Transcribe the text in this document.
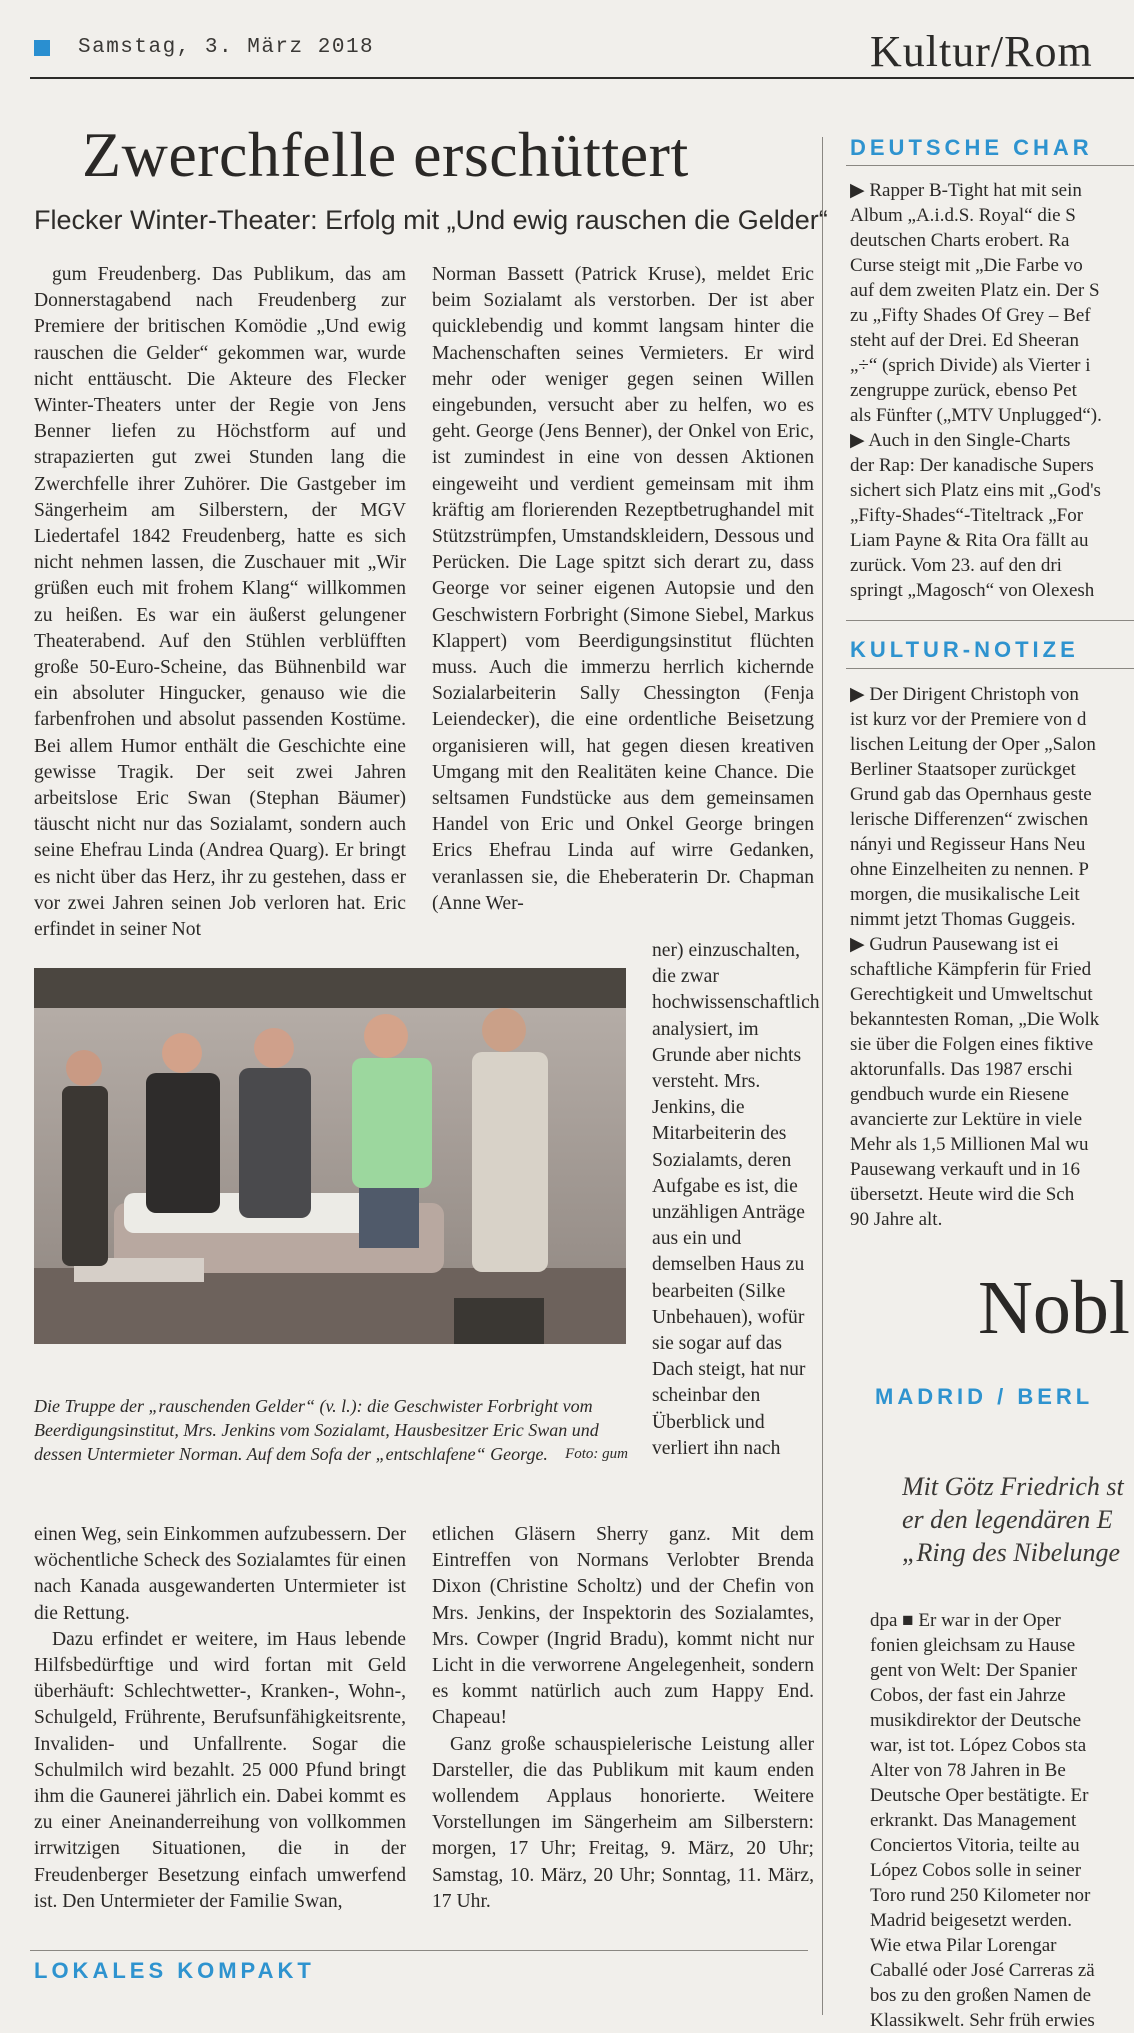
Samstag, 3. März 2018	Kultur/Rom
Zwerchfelle erschüttert
Flecker Winter-Theater: Erfolg mit „Und ewig rauschen die Gelder“

gum Freudenberg. Das Publikum, das am Donnerstagabend nach Freudenberg zur Premiere der britischen Komödie „Und ewig rauschen die Gelder“ gekommen war, wurde nicht enttäuscht. Die Akteure des Flecker Winter-Theaters unter der Regie von Jens Benner liefen zu Höchstform auf und strapazierten gut zwei Stunden lang die Zwerchfelle ihrer Zuhörer. Die Gastgeber im Sängerheim am Silberstern, der MGV Liedertafel 1842 Freudenberg, hatte es sich nicht nehmen lassen, die Zuschauer mit „Wir grüßen euch mit frohem Klang“ willkommen zu heißen. Es war ein äußerst gelungener Theaterabend. Auf den Stühlen verblüfften große 50-Euro-Scheine, das Bühnenbild war ein absoluter Hingucker, genauso wie die farbenfrohen und absolut passenden Kostüme. Bei allem Humor enthält die Geschichte eine gewisse Tragik. Der seit zwei Jahren arbeitslose Eric Swan (Stephan Bäumer) täuscht nicht nur das Sozialamt, sondern auch seine Ehefrau Linda (Andrea Quarg). Er bringt es nicht über das Herz, ihr zu gestehen, dass er vor zwei Jahren seinen Job verloren hat. Eric erfindet in seiner Not

Norman Bassett (Patrick Kruse), meldet Eric beim Sozialamt als verstorben. Der ist aber quicklebendig und kommt langsam hinter die Machenschaften seines Vermieters. Er wird mehr oder weniger gegen seinen Willen eingebunden, versucht aber zu helfen, wo es geht. George (Jens Benner), der Onkel von Eric, ist zumindest in eine von dessen Aktionen eingeweiht und verdient gemeinsam mit ihm kräftig am florierenden Rezeptbetrughandel mit Stützstrümpfen, Umstandskleidern, Dessous und Perücken. Die Lage spitzt sich derart zu, dass George vor seiner eigenen Autopsie und den Geschwistern Forbright (Simone Siebel, Markus Klappert) vom Beerdigungsinstitut flüchten muss. Auch die immerzu herrlich kichernde Sozialarbeiterin Sally Chessington (Fenja Leiendecker), die eine ordentliche Beisetzung organisieren will, hat gegen diesen kreativen Umgang mit den Realitäten keine Chance. Die seltsamen Fundstücke aus dem gemeinsamen Handel von Eric und Onkel George bringen Erics Ehefrau Linda auf wirre Gedanken, veranlassen sie, die Eheberaterin Dr. Chapman (Anne Wer-

ner) einzuschalten, die zwar hochwissenschaftlich analysiert, im Grunde aber nichts versteht. Mrs. Jenkins, die Mitarbeiterin des Sozialamts, deren Aufgabe es ist, die unzähligen Anträge aus ein und demselben Haus zu bearbeiten (Silke Unbehauen), wofür sie sogar auf das Dach steigt, hat nur scheinbar den Überblick und verliert ihn nach

Die Truppe der „rauschenden Gelder“ (v. l.): die Geschwister Forbright vom Beerdigungsinstitut, Mrs. Jenkins vom Sozialamt, Hausbesitzer Eric Swan und dessen Untermieter Norman. Auf dem Sofa der „entschlafene“ George. Foto: gum

einen Weg, sein Einkommen aufzubessern. Der wöchentliche Scheck des Sozialamtes für einen nach Kanada ausgewanderten Untermieter ist die Rettung.

Dazu erfindet er weitere, im Haus lebende Hilfsbedürftige und wird fortan mit Geld überhäuft: Schlechtwetter-, Kranken-, Wohn-, Schulgeld, Frührente, Berufsunfähigkeitsrente, Invaliden- und Unfallrente. Sogar die Schulmilch wird bezahlt. 25 000 Pfund bringt ihm die Gaunerei jährlich ein. Dabei kommt es zu einer Aneinanderreihung von vollkommen irrwitzigen Situationen, die in der Freudenberger Besetzung einfach umwerfend ist. Den Untermieter der Familie Swan,

etlichen Gläsern Sherry ganz. Mit dem Eintreffen von Normans Verlobter Brenda Dixon (Christine Scholtz) und der Chefin von Mrs. Jenkins, der Inspektorin des Sozialamtes, Mrs. Cowper (Ingrid Bradu), kommt nicht nur Licht in die verworrene Angelegenheit, sondern es kommt natürlich auch zum Happy End. Chapeau!

Ganz große schauspielerische Leistung aller Darsteller, die das Publikum mit kaum enden wollendem Applaus honorierte. Weitere Vorstellungen im Sängerheim am Silberstern: morgen, 17 Uhr; Freitag, 9. März, 20 Uhr; Samstag, 10. März, 20 Uhr; Sonntag, 11. März, 17 Uhr.

LOKALES KOMPAKT
DEUTSCHE CHAR
▶ Rapper B-Tight hat mit sein
Album „A.i.d.S. Royal“ die S
deutschen Charts erobert. Ra
Curse steigt mit „Die Farbe vo
auf dem zweiten Platz ein. Der S
zu „Fifty Shades Of Grey – Bef
steht auf der Drei. Ed Sheeran
„÷“ (sprich Divide) als Vierter i
zengruppe zurück, ebenso Pet
als Fünfter („MTV Unplugged“).
▶ Auch in den Single-Charts
der Rap: Der kanadische Supers
sichert sich Platz eins mit „God's
„Fifty-Shades“-Titeltrack „For
Liam Payne & Rita Ora fällt au
zurück. Vom 23. auf den dri
springt „Magosch“ von Olexesh
KULTUR-NOTIZE
▶ Der Dirigent Christoph von
ist kurz vor der Premiere von d
lischen Leitung der Oper „Salon
Berliner Staatsoper zurückget
Grund gab das Opernhaus geste
lerische Differenzen“ zwischen
nányi und Regisseur Hans Neu
ohne Einzelheiten zu nennen. P
morgen, die musikalische Leit
nimmt jetzt Thomas Guggeis.
▶ Gudrun Pausewang ist ei
schaftliche Kämpferin für Fried
Gerechtigkeit und Umweltschut
bekanntesten Roman, „Die Wolk
sie über die Folgen eines fiktive
aktorunfalls. Das 1987 erschi
gendbuch wurde ein Riesene
avancierte zur Lektüre in viele
Mehr als 1,5 Millionen Mal wu
Pausewang verkauft und in 16
übersetzt. Heute wird die Sch
90 Jahre alt.
Nobl
MADRID / BERL
Mit Götz Friedrich st
er den legendären E
„Ring des Nibelunge
dpa ■ Er war in der Oper
fonien gleichsam zu Hause
gent von Welt: Der Spanier
Cobos, der fast ein Jahrze
musikdirektor der Deutsche
war, ist tot. López Cobos sta
Alter von 78 Jahren in Be
Deutsche Oper bestätigte. Er
erkrankt. Das Management
Conciertos Vitoria, teilte au
López Cobos solle in seiner
Toro rund 250 Kilometer nor
Madrid beigesetzt werden.
Wie etwa Pilar Lorengar
Caballé oder José Carreras zä
bos zu den großen Namen de
Klassikwelt. Sehr früh erwies
